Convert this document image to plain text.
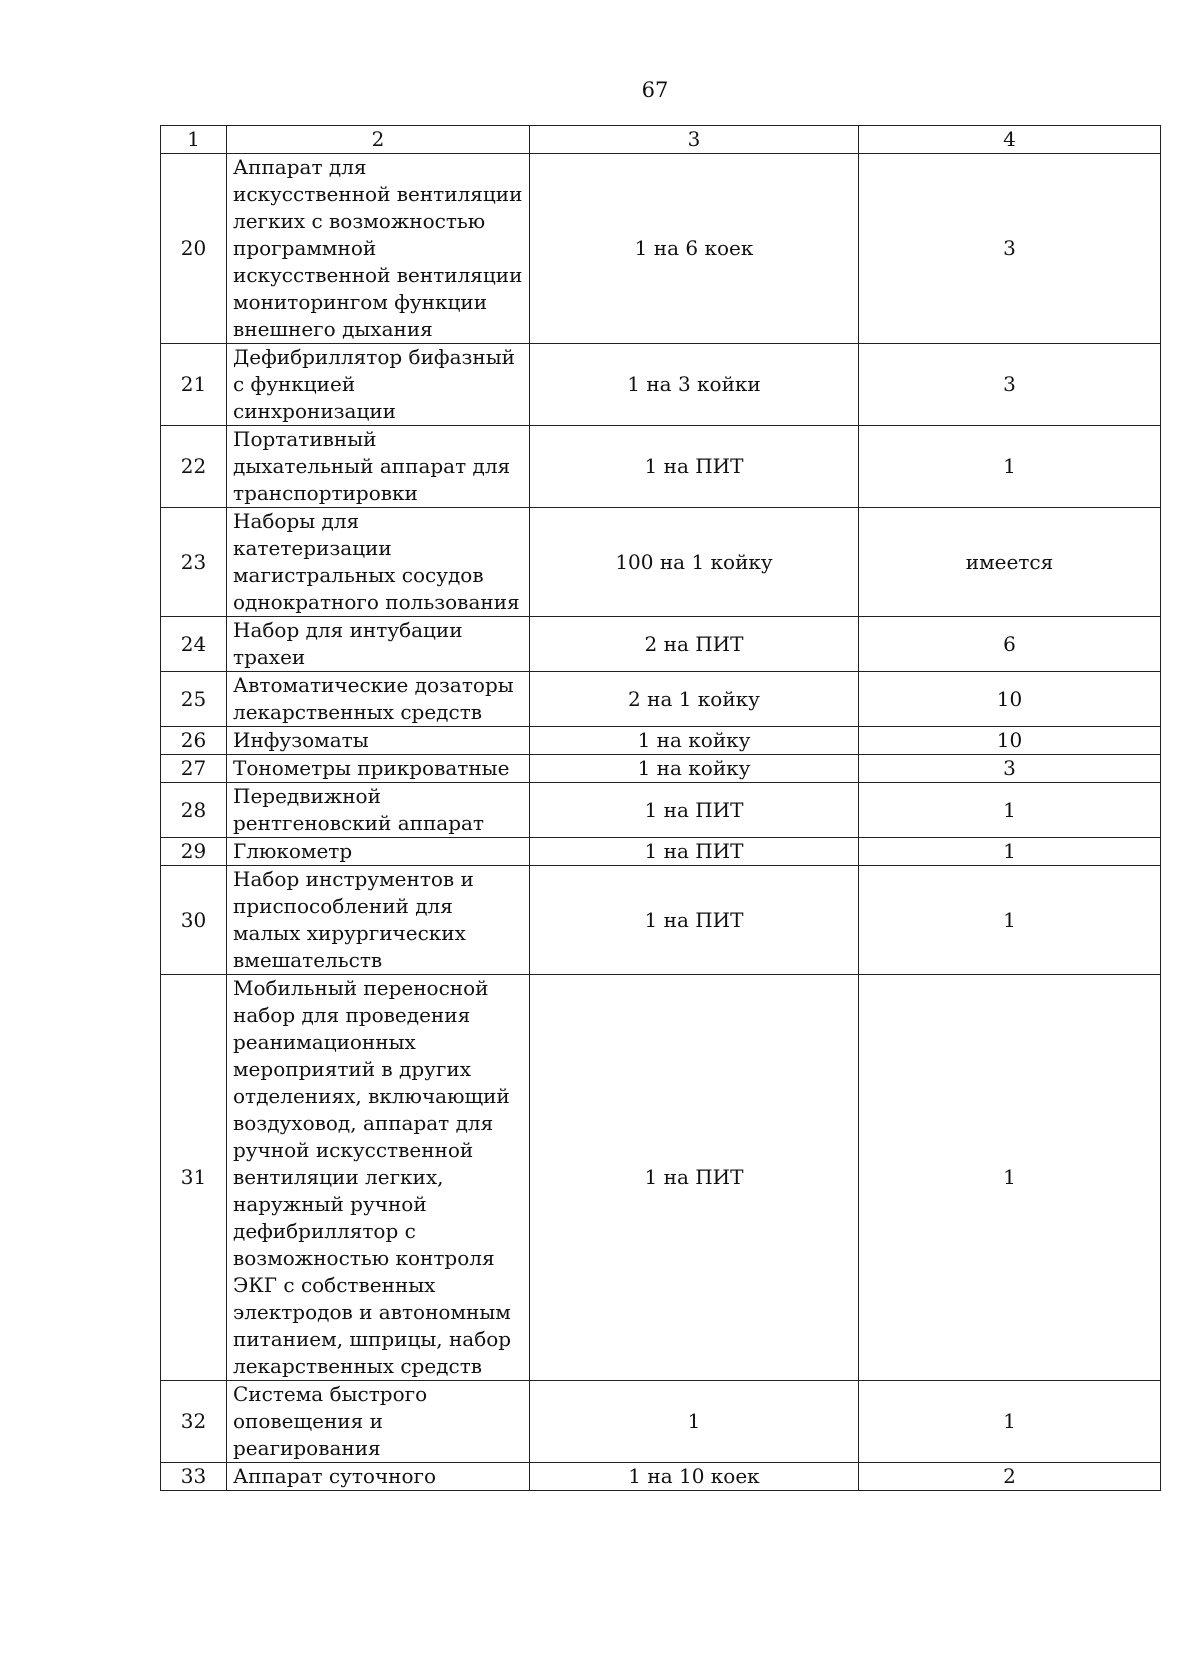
67
1	2	3	4
20	Аппарат для искусственной вентиляции легких с возможностью программной искусственной вентиляции мониторингом функции внешнего дыхания	1 на 6 коек	3
21	Дефибриллятор бифазный с функцией синхронизации	1 на 3 койки	3
22	Портативный дыхательный аппарат для транспортировки	1 на ПИТ	1
23	Наборы для катетеризации магистральных сосудов однократного пользования	100 на 1 койку	имеется
24	Набор для интубации трахеи	2 на ПИТ	6
25	Автоматические дозаторы лекарственных средств	2 на 1 койку	10
26	Инфузоматы	1 на койку	10
27	Тонометры прикроватные	1 на койку	3
28	Передвижной рентгеновский аппарат	1 на ПИТ	1
29	Глюкометр	1 на ПИТ	1
30	Набор инструментов и приспособлений для малых хирургических вмешательств	1 на ПИТ	1
31	Мобильный переносной набор для проведения реанимационных мероприятий в других отделениях, включающий воздуховод, аппарат для ручной искусственной вентиляции легких, наружный ручной дефибриллятор с возможностью контроля ЭКГ с собственных электродов и автономным питанием, шприцы, набор лекарственных средств	1 на ПИТ	1
32	Система быстрого оповещения и реагирования	1	1
33	Аппарат суточного	1 на 10 коек	2
